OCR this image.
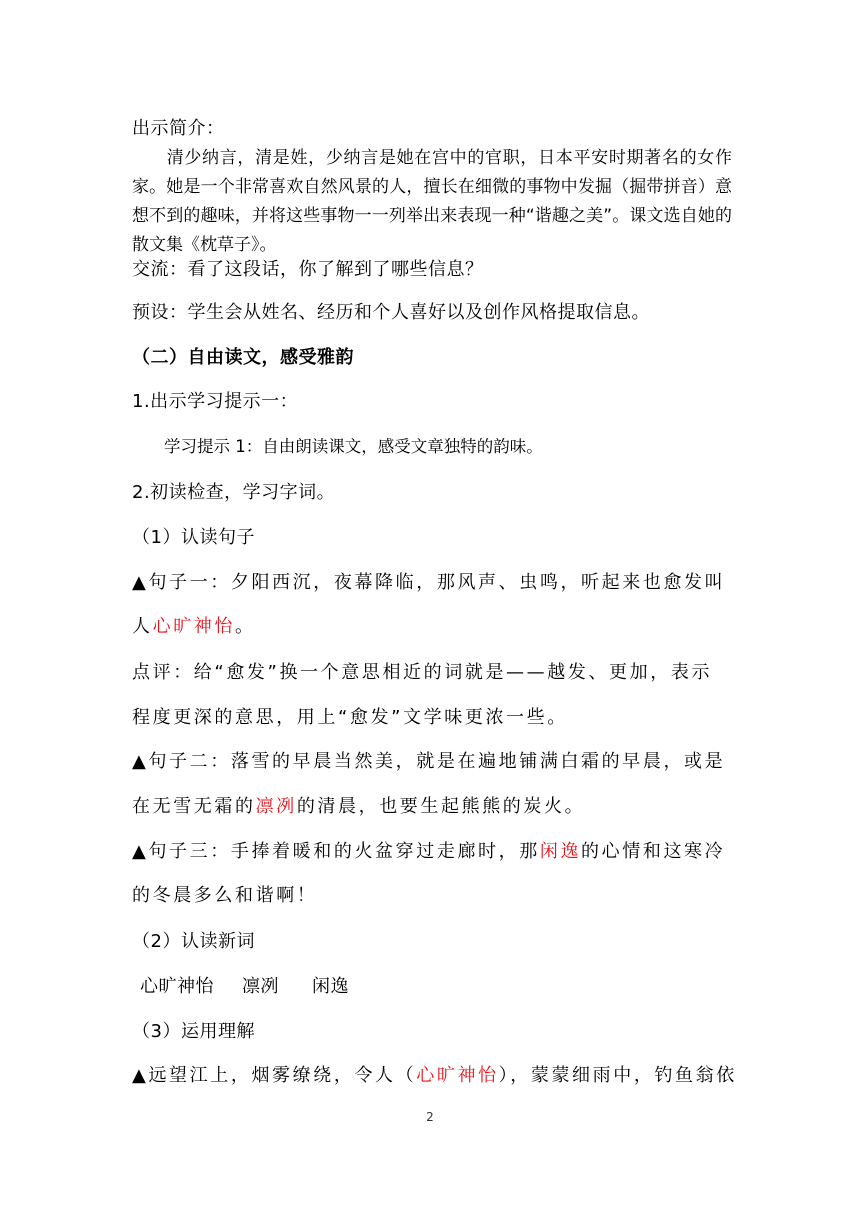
出示简介：
清少纳言，清是姓，少纳言是她在宫中的官职，日本平安时期著名的女作家。她是一个非常喜欢自然风景的人，擅长在细微的事物中发掘（掘带拼音）意想不到的趣味，并将这些事物一一列举出来表现一种“谐趣之美”。课文选自她的散文集《枕草子》。
交流：看了这段话，你了解到了哪些信息？
预设：学生会从姓名、经历和个人喜好以及创作风格提取信息。
（二）自由读文，感受雅韵
1.出示学习提示一：
学习提示 1：自由朗读课文，感受文章独特的韵味。
2.初读检查，学习字词。
（1）认读句子
▲句子一：夕阳西沉，夜幕降临，那风声、虫鸣，听起来也愈发叫
人心旷神怡。
点评：给“愈发”换一个意思相近的词就是——越发、更加，表示
程度更深的意思，用上“愈发”文学味更浓一些。
▲句子二：落雪的早晨当然美，就是在遍地铺满白霜的早晨，或是
在无雪无霜的凛冽的清晨，也要生起熊熊的炭火。
▲句子三：手捧着暖和的火盆穿过走廊时，那闲逸的心情和这寒冷
的冬晨多么和谐啊！
（2）认读新词
心旷神怡 凛冽 闲逸
（3）运用理解
▲远望江上，烟雾缭绕，令人（心旷神怡），蒙蒙细雨中，钓鱼翁依
2
